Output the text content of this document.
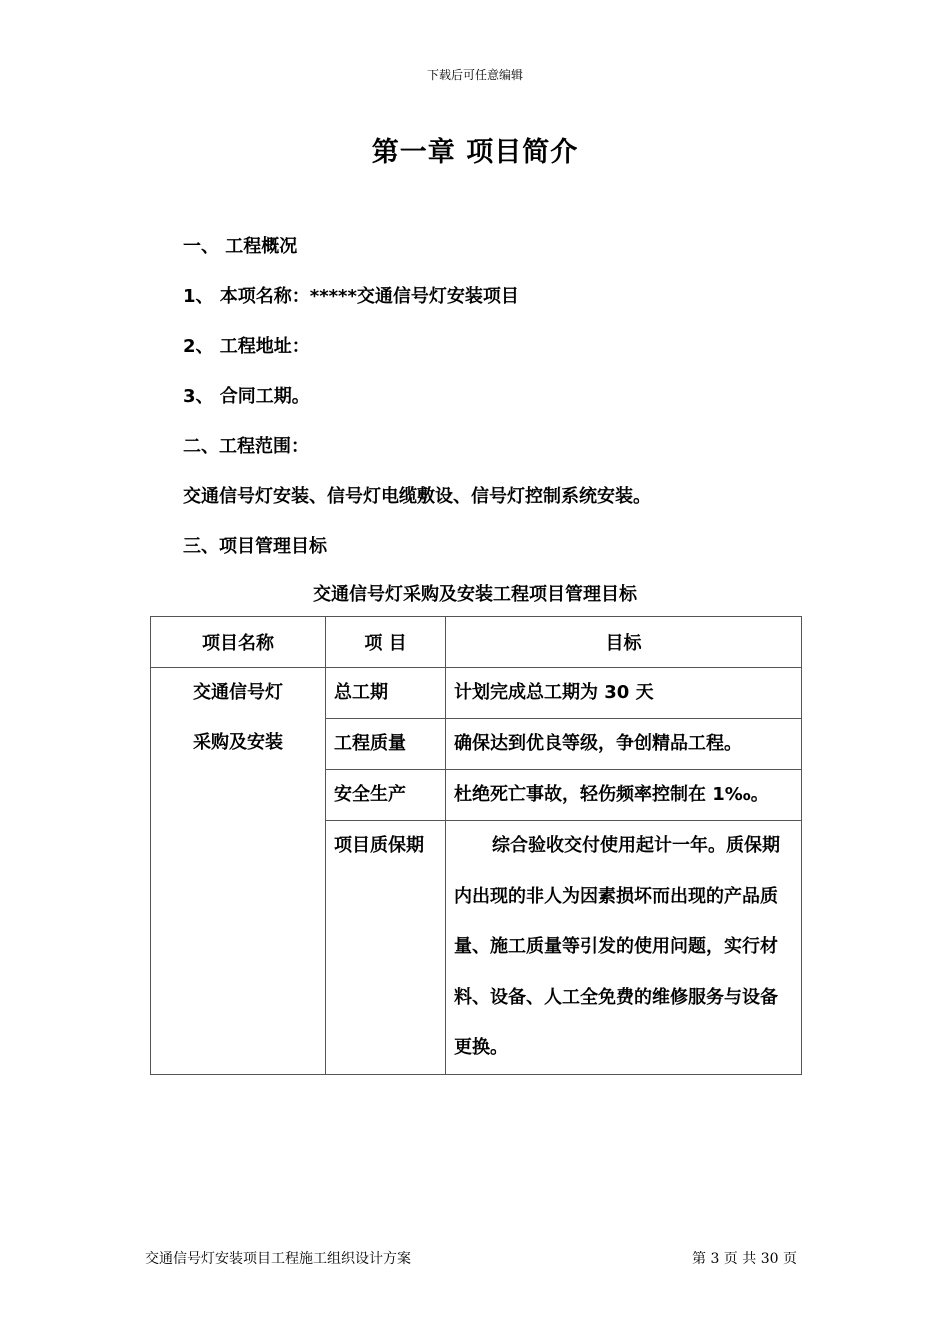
下载后可任意编辑
第一章 项目简介
一、 工程概况
1、 本项名称：*****交通信号灯安装项目
2、 工程地址：
3、 合同工期。
二、工程范围：
交通信号灯安装、信号灯电缆敷设、信号灯控制系统安装。
三、项目管理目标
交通信号灯采购及安装工程项目管理目标
项目名称	项 目	目标

交通信号灯
采购及安装	总工期	计划完成总工期为 30 天
	工程质量	确保达到优良等级，争创精品工程。
	安全生产	杜绝死亡事故，轻伤频率控制在 1‰。
	项目质保期	综合验收交付使用起计一年。质保期内出现的非人为因素损坏而出现的产品质量、施工质量等引发的使用问题，实行材料、设备、人工全免费的维修服务与设备更换。
交通信号灯安装项目工程施工组织设计方案	第 3 页 共 30 页
